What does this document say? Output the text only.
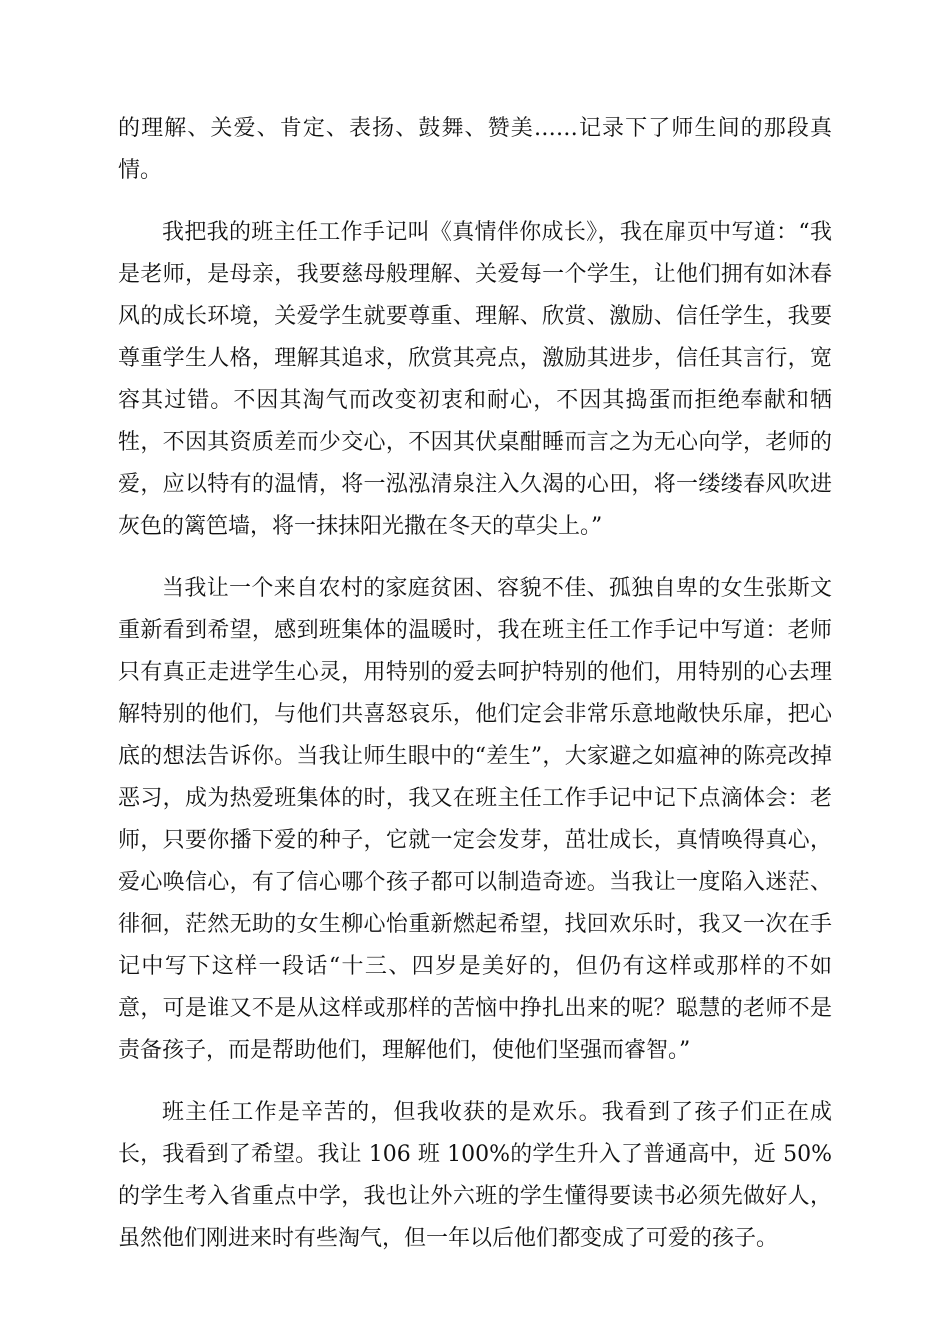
的理解、关爱、肯定、表扬、鼓舞、赞美……记录下了师生间的那段真情。

我把我的班主任工作手记叫《真情伴你成长》，我在扉页中写道：“我是老师，是母亲，我要慈母般理解、关爱每一个学生，让他们拥有如沐春风的成长环境，关爱学生就要尊重、理解、欣赏、激励、信任学生，我要尊重学生人格，理解其追求，欣赏其亮点，激励其进步，信任其言行，宽容其过错。不因其淘气而改变初衷和耐心，不因其捣蛋而拒绝奉献和牺牲，不因其资质差而少交心，不因其伏桌酣睡而言之为无心向学，老师的爱，应以特有的温情，将一泓泓清泉注入久渴的心田，将一缕缕春风吹进灰色的篱笆墙，将一抹抹阳光撒在冬天的草尖上。”

当我让一个来自农村的家庭贫困、容貌不佳、孤独自卑的女生张斯文重新看到希望，感到班集体的温暖时，我在班主任工作手记中写道：老师只有真正走进学生心灵，用特别的爱去呵护特别的他们，用特别的心去理解特别的他们，与他们共喜怒哀乐，他们定会非常乐意地敞快乐扉，把心底的想法告诉你。当我让师生眼中的“差生”，大家避之如瘟神的陈亮改掉恶习，成为热爱班集体的时，我又在班主任工作手记中记下点滴体会：老师，只要你播下爱的种子，它就一定会发芽，茁壮成长，真情唤得真心，爱心唤信心，有了信心哪个孩子都可以制造奇迹。当我让一度陷入迷茫、徘徊，茫然无助的女生柳心怡重新燃起希望，找回欢乐时，我又一次在手记中写下这样一段话“十三、四岁是美好的，但仍有这样或那样的不如意，可是谁又不是从这样或那样的苦恼中挣扎出来的呢？聪慧的老师不是责备孩子，而是帮助他们，理解他们，使他们坚强而睿智。”

班主任工作是辛苦的，但我收获的是欢乐。我看到了孩子们正在成长，我看到了希望。我让 106 班 100%的学生升入了普通高中，近 50%的学生考入省重点中学，我也让外六班的学生懂得要读书必须先做好人，虽然他们刚进来时有些淘气，但一年以后他们都变成了可爱的孩子。
